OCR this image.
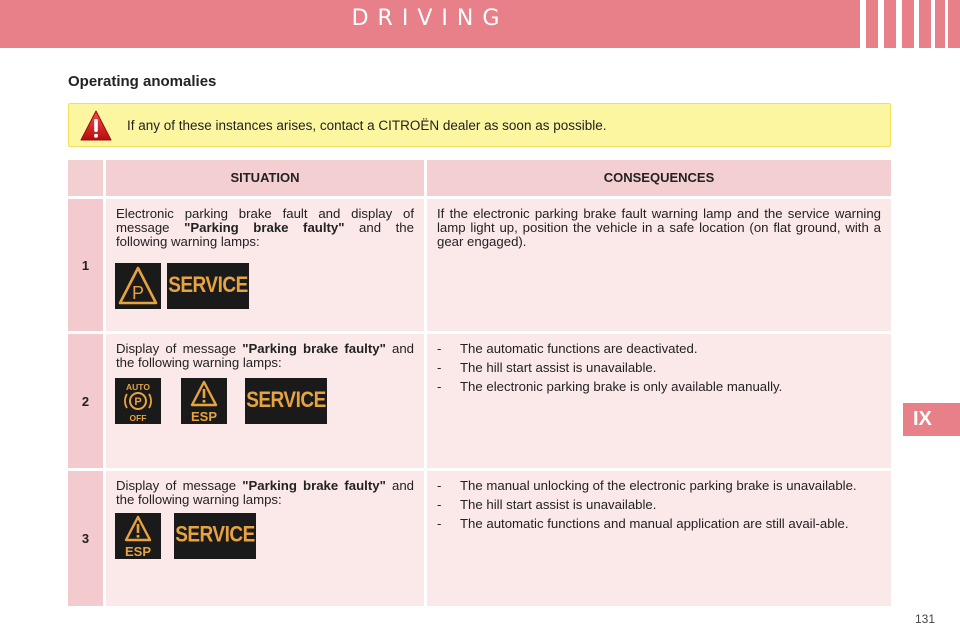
DRIVING
IX
Operating anomalies
If any of these instances arises, contact a CITROËN dealer as soon as possible.
SITUATION	CONSEQUENCES
1
Electronic parking brake fault and display of message "Parking brake faulty" and the following warning lamps:
If the electronic parking brake fault warning lamp and the service warning lamp light up, position the vehicle in a safe location (on flat ground, with a gear engaged).
2
Display of message "Parking brake faulty" and the following warning lamps:
- The automatic functions are deactivated.
- The hill start assist is unavailable.
- The electronic parking brake is only available manually.
3
Display of message "Parking brake faulty" and the following warning lamps:
- The manual unlocking of the electronic parking brake is unavailable.
- The hill start assist is unavailable.
- The automatic functions and manual application are still avail-able.
P SERVICE
AUTO
P
OFF	ESP
SERVICE
ESP
SERVICE
131
